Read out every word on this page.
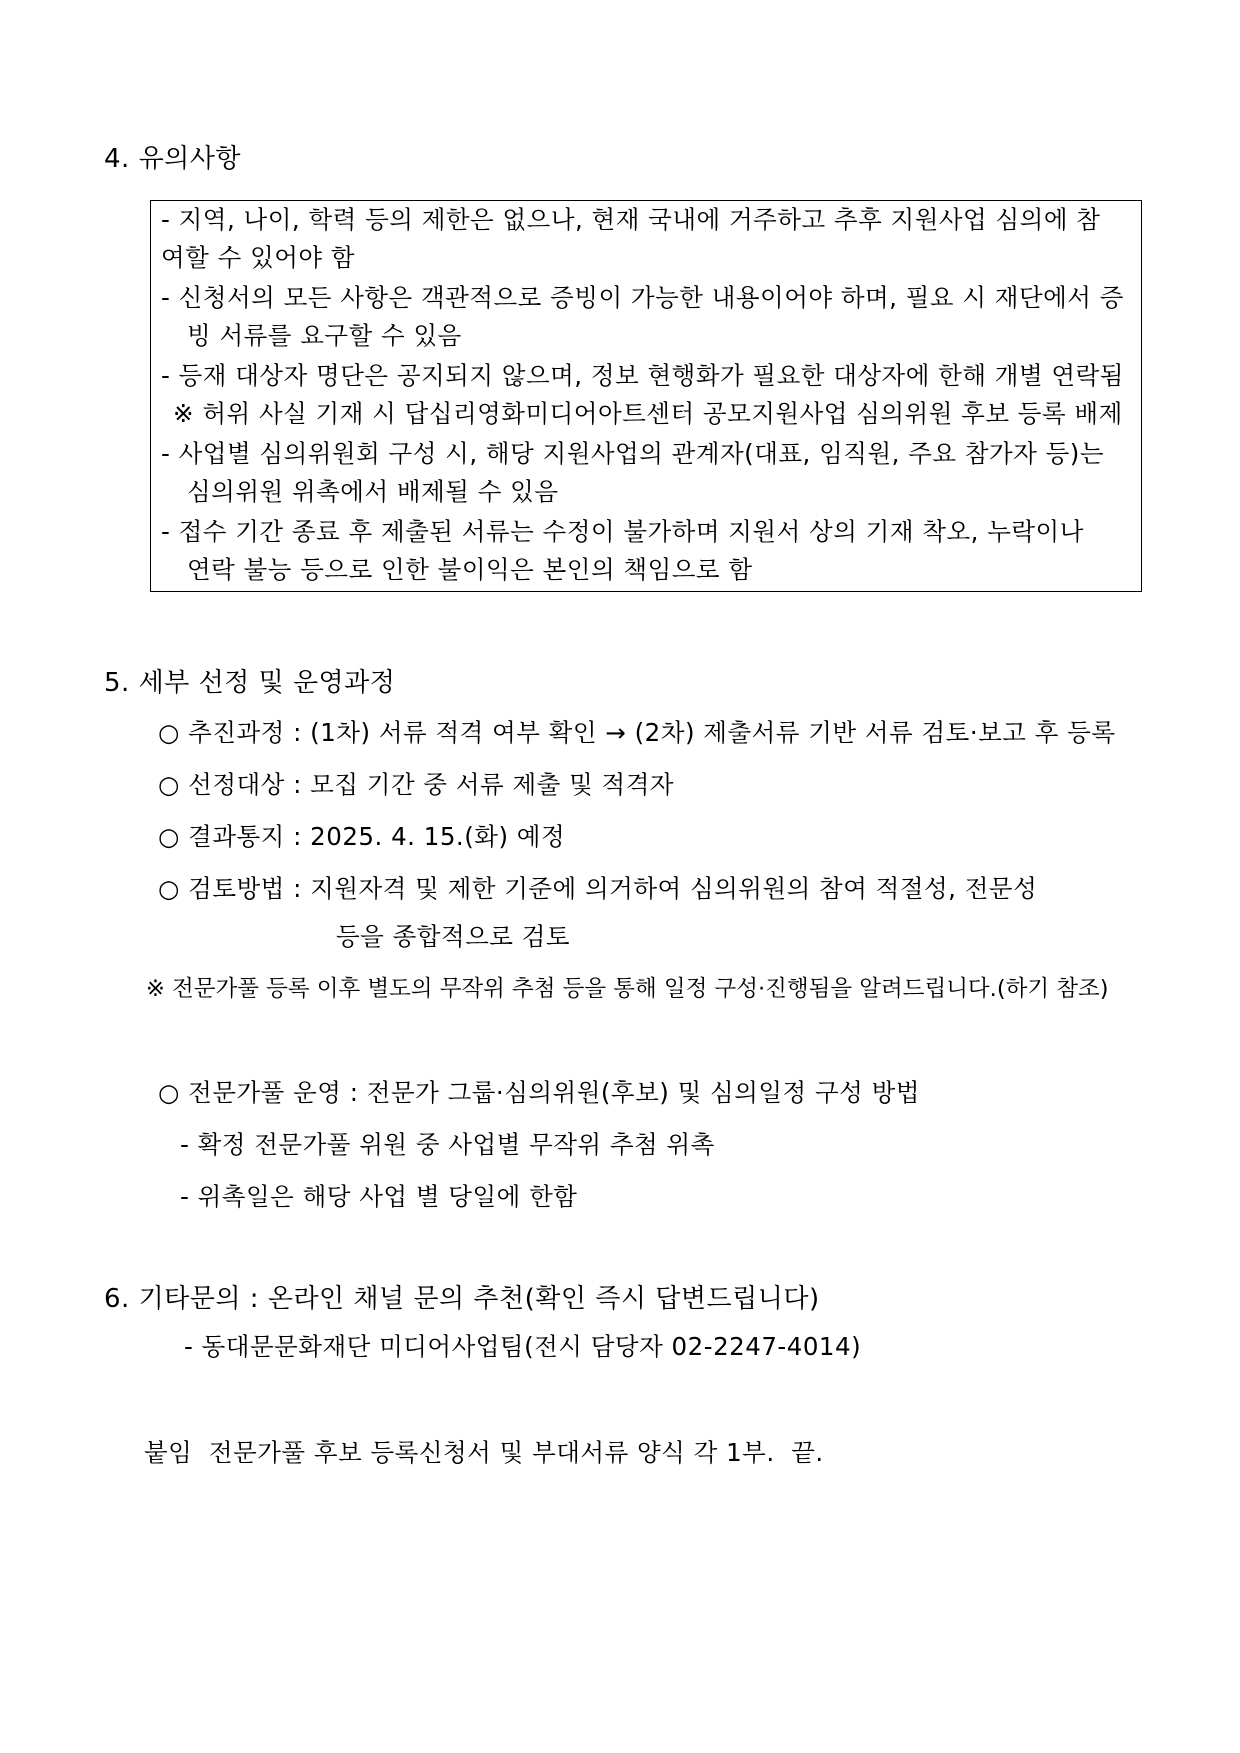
4. 유의사항
- 지역, 나이, 학력 등의 제한은 없으나, 현재 국내에 거주하고 추후 지원사업 심의에 참
여할 수 있어야 함
- 신청서의 모든 사항은 객관적으로 증빙이 가능한 내용이어야 하며, 필요 시 재단에서 증
빙 서류를 요구할 수 있음
- 등재 대상자 명단은 공지되지 않으며, 정보 현행화가 필요한 대상자에 한해 개별 연락됨
※ 허위 사실 기재 시 답십리영화미디어아트센터 공모지원사업 심의위원 후보 등록 배제
- 사업별 심의위원회 구성 시, 해당 지원사업의 관계자(대표, 임직원, 주요 참가자 등)는
심의위원 위촉에서 배제될 수 있음
- 접수 기간 종료 후 제출된 서류는 수정이 불가하며 지원서 상의 기재 착오, 누락이나
연락 불능 등으로 인한 불이익은 본인의 책임으로 함
5. 세부 선정 및 운영과정
○ 추진과정 : (1차) 서류 적격 여부 확인 → (2차) 제출서류 기반 서류 검토·보고 후 등록
○ 선정대상 : 모집 기간 중 서류 제출 및 적격자
○ 결과통지 : 2025. 4. 15.(화) 예정
○ 검토방법 : 지원자격 및 제한 기준에 의거하여 심의위원의 참여 적절성, 전문성
등을 종합적으로 검토
※ 전문가풀 등록 이후 별도의 무작위 추첨 등을 통해 일정 구성·진행됨을 알려드립니다.(하기 참조)
○ 전문가풀 운영 : 전문가 그룹·심의위원(후보) 및 심의일정 구성 방법
- 확정 전문가풀 위원 중 사업별 무작위 추첨 위촉
- 위촉일은 해당 사업 별 당일에 한함
6. 기타문의 : 온라인 채널 문의 추천(확인 즉시 답변드립니다)
- 동대문문화재단 미디어사업팀(전시 담당자 02-2247-4014)
붙임  전문가풀 후보 등록신청서 및 부대서류 양식 각 1부.  끝.
